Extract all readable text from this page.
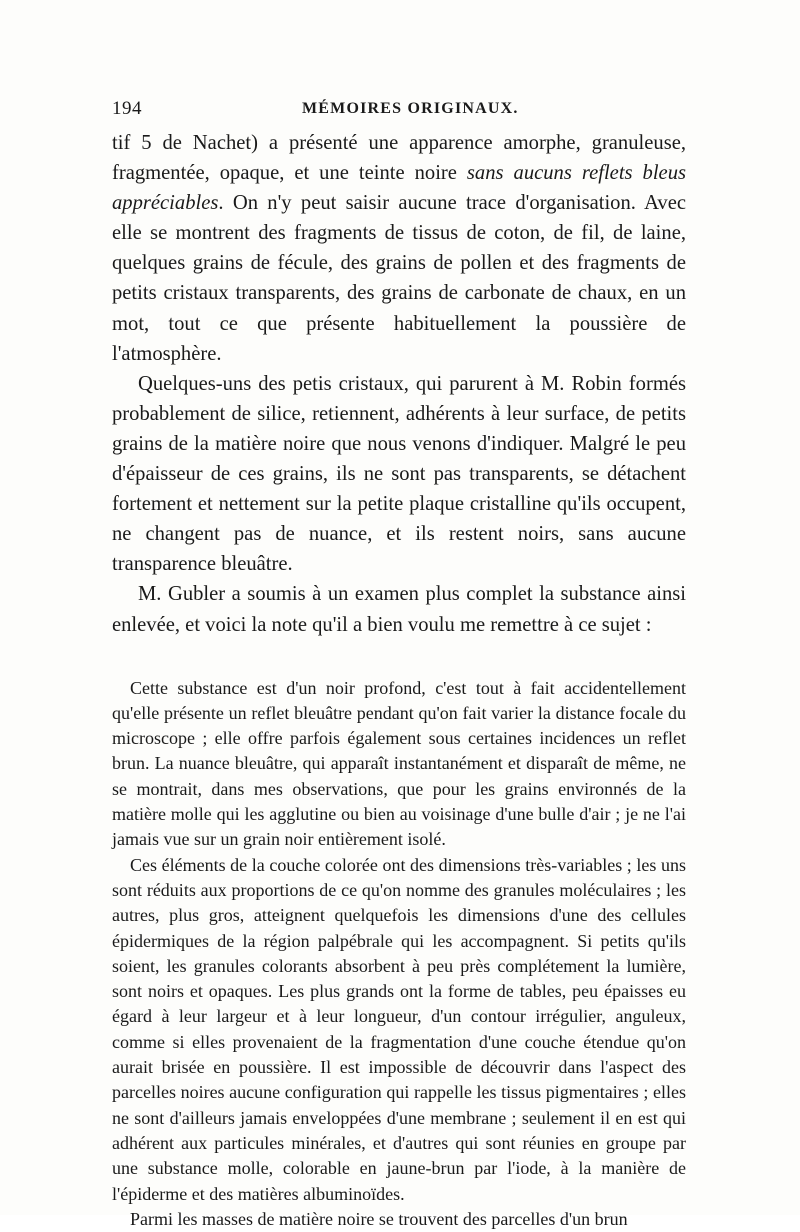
194	MÉMOIRES ORIGINAUX.

tif 5 de Nachet) a présenté une apparence amorphe, granuleuse, fragmentée, opaque, et une teinte noire sans aucuns reflets bleus appréciables. On n'y peut saisir aucune trace d'organisation. Avec elle se montrent des fragments de tissus de coton, de fil, de laine, quelques grains de fécule, des grains de pollen et des fragments de petits cristaux transparents, des grains de carbonate de chaux, en un mot, tout ce que présente habituellement la poussière de l'atmosphère.

Quelques-uns des petis cristaux, qui parurent à M. Robin formés probablement de silice, retiennent, adhérents à leur surface, de petits grains de la matière noire que nous venons d'indiquer. Malgré le peu d'épaisseur de ces grains, ils ne sont pas transparents, se détachent fortement et nettement sur la petite plaque cristalline qu'ils occupent, ne changent pas de nuance, et ils restent noirs, sans aucune transparence bleuâtre.

M. Gubler a soumis à un examen plus complet la substance ainsi enlevée, et voici la note qu'il a bien voulu me remettre à ce sujet :

Cette substance est d'un noir profond, c'est tout à fait accidentellement qu'elle présente un reflet bleuâtre pendant qu'on fait varier la distance focale du microscope ; elle offre parfois également sous certaines incidences un reflet brun. La nuance bleuâtre, qui apparaît instantanément et disparaît de même, ne se montrait, dans mes observations, que pour les grains environnés de la matière molle qui les agglutine ou bien au voisinage d'une bulle d'air ; je ne l'ai jamais vue sur un grain noir entièrement isolé.

Ces éléments de la couche colorée ont des dimensions très-variables ; les uns sont réduits aux proportions de ce qu'on nomme des granules moléculaires ; les autres, plus gros, atteignent quelquefois les dimensions d'une des cellules épidermiques de la région palpébrale qui les accompagnent. Si petits qu'ils soient, les granules colorants absorbent à peu près complétement la lumière, sont noirs et opaques. Les plus grands ont la forme de tables, peu épaisses eu égard à leur largeur et à leur longueur, d'un contour irrégulier, anguleux, comme si elles provenaient de la fragmentation d'une couche étendue qu'on aurait brisée en poussière. Il est impossible de découvrir dans l'aspect des parcelles noires aucune configuration qui rappelle les tissus pigmentaires ; elles ne sont d'ailleurs jamais enveloppées d'une membrane ; seulement il en est qui adhérent aux particules minérales, et d'autres qui sont réunies en groupe par une substance molle, colorable en jaune-brun par l'iode, à la manière de l'épiderme et des matières albuminoïdes.

Parmi les masses de matière noire se trouvent des parcelles d'un brun
